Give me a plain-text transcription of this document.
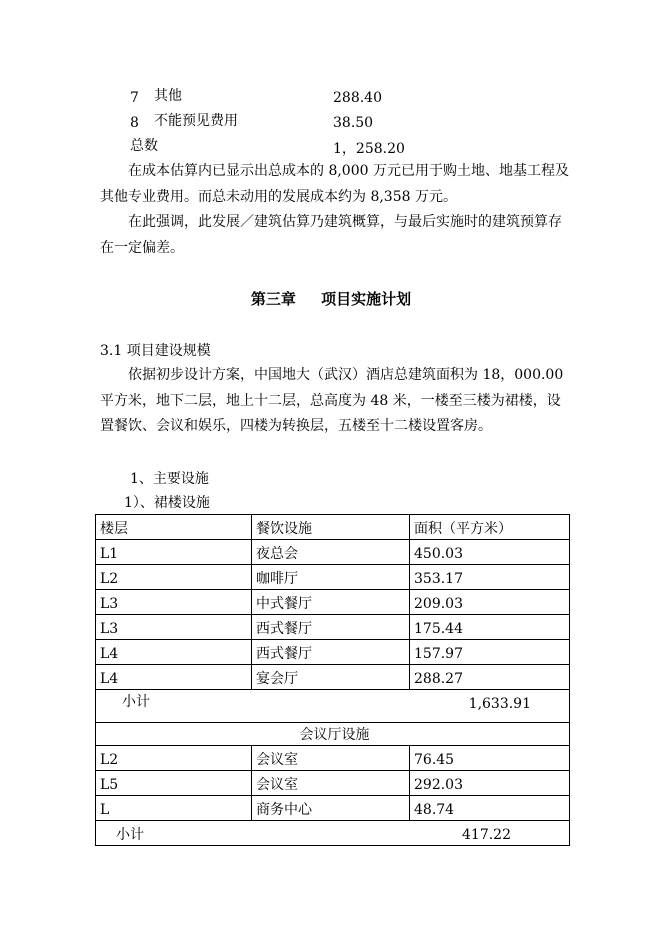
7 其他	288.40
8 不能预见费用	38.50
总数	1，258.20

在成本估算内已显示出总成本的 8,000 万元已用于购土地、地基工程及其他专业费用。而总未动用的发展成本约为 8,358 万元。

在此强调，此发展／建筑估算乃建筑概算，与最后实施时的建筑预算存在一定偏差。

第三章 项目实施计划
3.1 项目建设规模

依据初步设计方案，中国地大（武汉）酒店总建筑面积为 18，000.00 平方米，地下二层，地上十二层，总高度为 48 米，一楼至三楼为裙楼，设置餐饮、会议和娱乐，四楼为转换层，五楼至十二楼设置客房。

1、主要设施
1）、裙楼设施
楼层	餐饮设施	面积（平方米）
L1	夜总会	450.03
L2	咖啡厅	353.17
L3	中式餐厅	209.03
L3	西式餐厅	175.44
L4	西式餐厅	157.97
L4	宴会厅	288.27
小计		1,633.91
会议厅设施		
L2	会议室	76.45
L5	会议室	292.03
L	商务中心	48.74
小计		417.22
